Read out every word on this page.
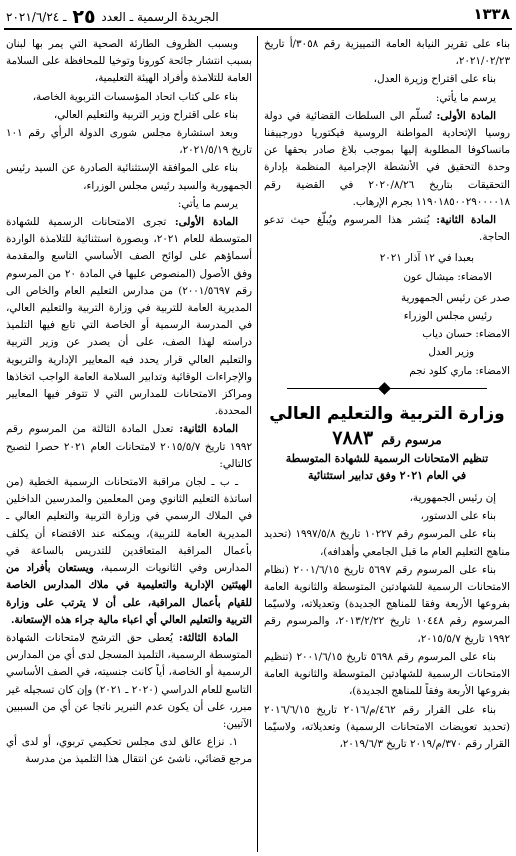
١٣٣٨
الجريدة الرسمية ـ العدد ٢٥ ـ ٢٠٢١/٦/٢٤

بناء على تقرير النيابة العامة التمييزية رقم ٣٠٥٨/أ تاريخ ٢٠٢١/٠٢/٢٣،

بناء على اقتراح وزيرة العدل،

يرسم ما يأتي:

المادة الأولى: تُسلّم الى السلطات القضائية في دولة روسيا الإتحادية المواطنة الروسية فيكتوريا دورجييفنا مانساكوفا المطلوبة إليها بموجب بلاغ صادر بحقها عن وحدة التحقيق في الأنشطة الإجرامية المنظمة بإدارة التحقيقات بتاريخ ٢٠٢٠/٨/٢٦ في القضية رقم ١١٩٠١٨٥٠٠٢٩٠٠٠٠١٨ بجرم الإرهاب.

المادة الثانية: يُنشر هذا المرسوم ويُبلّغ حيث تدعو الحاجة.

بعبدا في ١٢ آذار ٢٠٢١

الامضاء: ميشال عون

صدر عن رئيس الجمهورية

رئيس مجلس الوزراء

الامضاء: حسان دياب

وزير العدل

الامضاء: ماري كلود نجم

وزارة التربية والتعليم العالي
مرسوم رقم ٧٨٨٣
تنظيم الامتحانات الرسمية للشهادة المتوسطة
في العام ٢٠٢١ وفق تدابير استثنائية

إن رئيس الجمهورية،

بناء على الدستور،

بناء على المرسوم رقم ١٠٢٢٧ تاريخ ١٩٩٧/٥/٨ (تحديد مناهج التعليم العام ما قبل الجامعي وأهدافه)،

بناء على المرسوم رقم ٥٦٩٧ تاريخ ٢٠٠١/٦/١٥ (نظام الامتحانات الرسمية للشهادتين المتوسطة والثانوية العامة بفروعها الأربعة وفقا للمناهج الجديدة) وتعديلاته، ولاسيّما المرسوم رقم ١٠٤٤٨ تاريخ ٢٠١٣/٢/٢٢، والمرسوم رقم ١٩٩٢ تاريخ ٢٠١٥/٥/٧،

بناء على المرسوم رقم ٥٦٩٨ تاريخ ٢٠٠١/٦/١٥ (تنظيم الامتحانات الرسمية للشهادتين المتوسطة والثانوية العامة بفروعها الأربعة وفقاً للمناهج الجديدة)،

بناء على القرار رقم ٤٦٢/م/٢٠١٦ تاريخ ٢٠١٦/٦/١٥ (تحديد تعويضات الامتحانات الرسمية) وتعديلاته، ولاسيّما القرار رقم ٣٧٠/م/٢٠١٩ تاريخ ٢٠١٩/٦/٣،

وبسبب الظروف الطارئة الصحية التي يمر بها لبنان بسبب انتشار جائحة كورونا وتوخيا للمحافظة على السلامة العامة للتلامذة وأفراد الهيئة التعليمية،

بناء على كتاب اتحاد المؤسسات التربوية الخاصة،

بناء على اقتراح وزير التربية والتعليم العالي،

وبعد استشارة مجلس شورى الدولة الرأي رقم ١٠١ تاريخ ٢٠٢١/٥/١٩،

بناء على الموافقة الإستثنائية الصادرة عن السيد رئيس الجمهورية والسيد رئيس مجلس الوزراء،

يرسم ما يأتي:

المادة الأولى: تجرى الامتحانات الرسمية للشهادة المتوسطة للعام ٢٠٢١، وبصورة استثنائية للتلامذة الواردة أسماؤهم على لوائح الصف الأساسي التاسع والمقدمة وفق الأصول (المنصوص عليها في المادة ٢٠ من المرسوم رقم ٢٠٠١/٥٦٩٧) من مدارس التعليم العام والخاص الى المديرية العامة للتربية في وزارة التربية والتعليم العالي، في المدرسة الرسمية أو الخاصة التي تابع فيها التلميذ دراسته لهذا الصف، على أن يصدر عن وزير التربية والتعليم العالي قرار يحدد فيه المعايير الإدارية والتربوية والإجراءات الوقائية وتدابير السلامة العامة الواجب اتخاذها ومراكز الامتحانات للمدارس التي لا تتوفر فيها المعايير المحددة.

المادة الثانية: تعدل المادة الثالثة من المرسوم رقم ١٩٩٢ تاريخ ٢٠١٥/٥/٧ لامتحانات العام ٢٠٢١ حصرا لتصبح كالتالي:

ـ ب ـ لجان مراقبة الامتحانات الرسمية الخطية (من اساتذة التعليم الثانوي ومن المعلمين والمدرسين الداخلين في الملاك الرسمي في وزارة التربية والتعليم العالي ـ المديرية العامة للتربية)، ويمكنه عند الاقتضاء أن يكلف بأعمال المراقبة المتعاقدين للتدريس بالساعة في المدارس وفي الثانويات الرسمية، ويستعان بأفراد من الهيئتين الإدارية والتعليمية في ملاك المدارس الخاصة للقيام بأعمال المراقبة، على أن لا يترتب على وزارة التربية والتعليم العالي أي اعباء مالية جراء هذه الإستعانة.

المادة الثالثة: يُعطى حق الترشح لامتحانات الشهادة المتوسطة الرسمية، التلميذ المسجل لدى أي من المدارس الرسمية أو الخاصة، أياً كانت جنسيته، في الصف الأساسي التاسع للعام الدراسي (٢٠٢٠ ـ ٢٠٢١) وإن كان تسجيله غير مبرر، على أن يكون عدم التبرير ناتجا عن أي من السببين الآتيين:

١. نزاع عالق لدى مجلس تحكيمي تربوي، أو لدى أي مرجع قضائي، ناشئ عن انتقال هذا التلميذ من مدرسة
